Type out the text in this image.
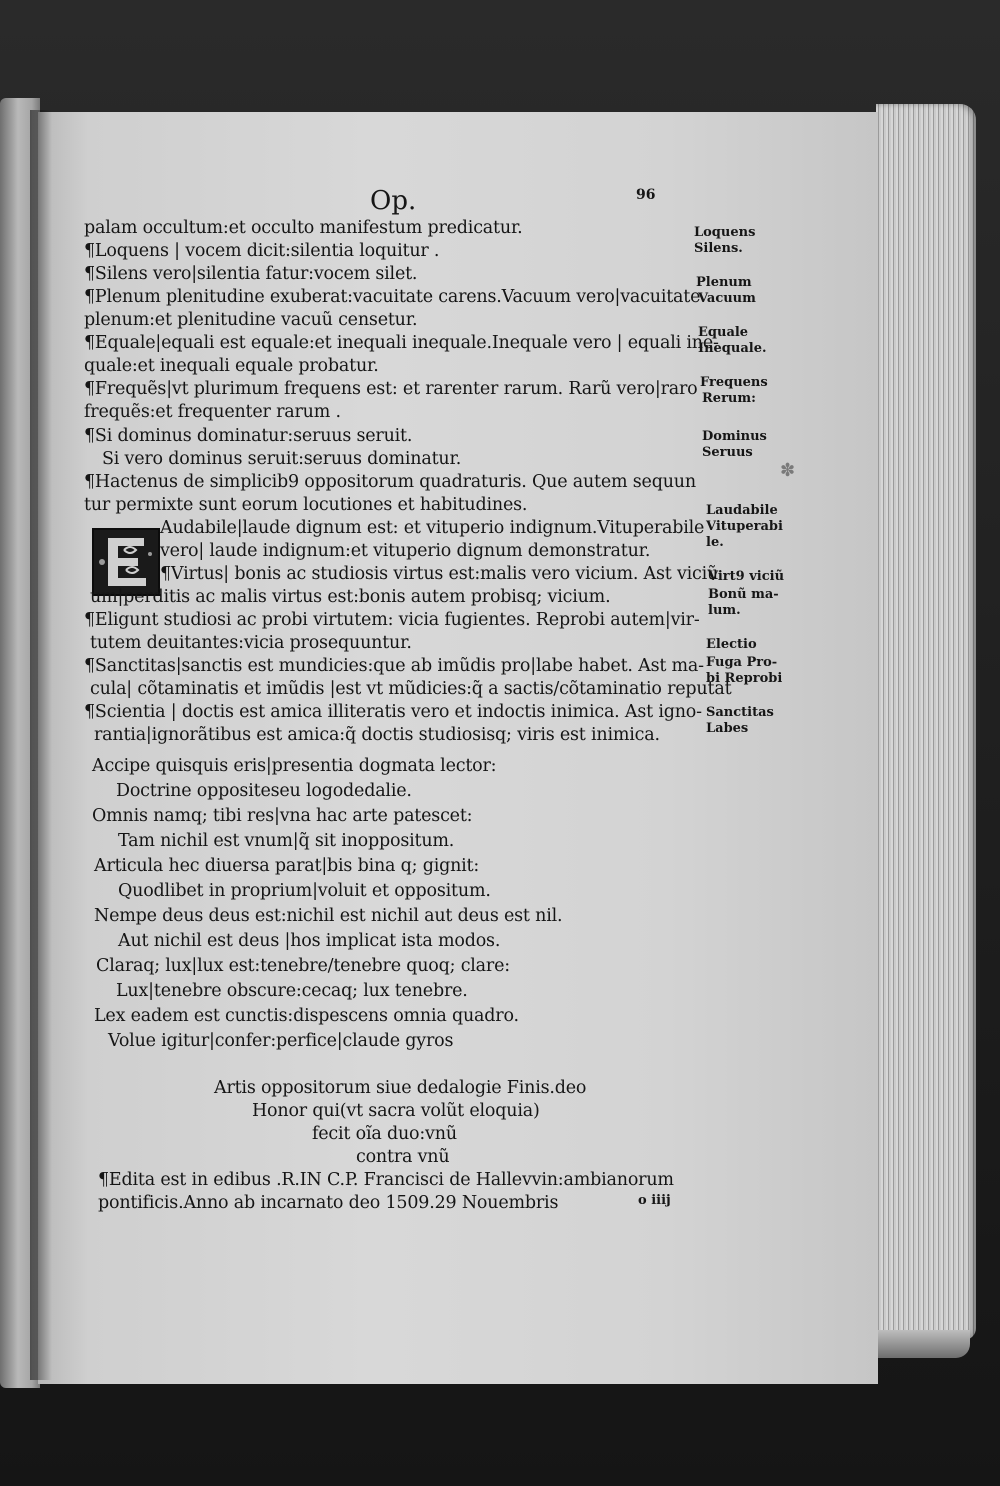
Op.	96
palam occultum:et occulto manifestum predicatur.
¶Loquens | vocem dicit:silentia loquitur .
¶Silens vero|silentia fatur:vocem silet.
¶Plenum plenitudine exuberat:vacuitate carens.Vacuum vero|vacuitate
plenum:et plenitudine vacuũ censetur.
¶Equale|equali est equale:et inequali inequale.Inequale vero | equali ine-
quale:et inequali equale probatur.
¶Frequẽs|vt plurimum frequens est: et rarenter rarum. Rarũ vero|raro
frequẽs:et frequenter rarum .
¶Si dominus dominatur:seruus seruit.
Si vero dominus seruit:seruus dominatur.
¶Hactenus de simplicib9 oppositorum quadraturis. Que autem sequun
tur permixte sunt eorum locutiones et habitudines.
Audabile|laude dignum est: et vituperio indignum.Vituperabile
vero| laude indignum:et vituperio dignum demonstratur.
¶Virtus| bonis ac studiosis virtus est:malis vero vicium. Ast viciũ
um|perditis ac malis virtus est:bonis autem probisq; vicium.
¶Eligunt studiosi ac probi virtutem: vicia fugientes. Reprobi autem|vir-
tutem deuitantes:vicia prosequuntur.
¶Sanctitas|sanctis est mundicies:que ab imũdis pro|labe habet. Ast ma-
cula| cõtaminatis et imũdis |est vt mũdicies:q̃ a sactis/cõtaminatio reputat
¶Scientia | doctis est amica illiteratis vero et indoctis inimica. Ast igno-
rantia|ignorãtibus est amica:q̃ doctis studiosisq; viris est inimica.
Accipe quisquis eris|presentia dogmata lector:
Doctrine oppositeseu logodedalie.
Omnis namq; tibi res|vna hac arte patescet:
Tam nichil est vnum|q̃ sit inoppositum.
Articula hec diuersa parat|bis bina q; gignit:
Quodlibet in proprium|voluit et oppositum.
Nempe deus deus est:nichil est nichil aut deus est nil.
Aut nichil est deus |hos implicat ista modos.
Claraq; lux|lux est:tenebre/tenebre quoq; clare:
Lux|tenebre obscure:cecaq; lux tenebre.
Lex eadem est cunctis:dispescens omnia quadro.
Volue igitur|confer:perfice|claude gyros
Artis oppositorum siue dedalogie Finis.deo
Honor qui(vt sacra volũt eloquia)
fecit oĩa duo:vnũ
contra vnũ
¶Edita est in edibus .R.IN C.P. Francisci de Hallevvin:ambianorum
pontificis.Anno ab incarnato deo 1509.29 Nouembris	o iiij
Loquens
Silens.
Plenum
Vacuum
Equale
Inequale.
Frequens
Rerum:
Dominus
Seruus
Laudabile
Vituperabi
le.
Virt9 viciũ
Bonũ ma-
lum.
Electio
Fuga Pro-
bi Reprobi
Sanctitas
Labes
✽
